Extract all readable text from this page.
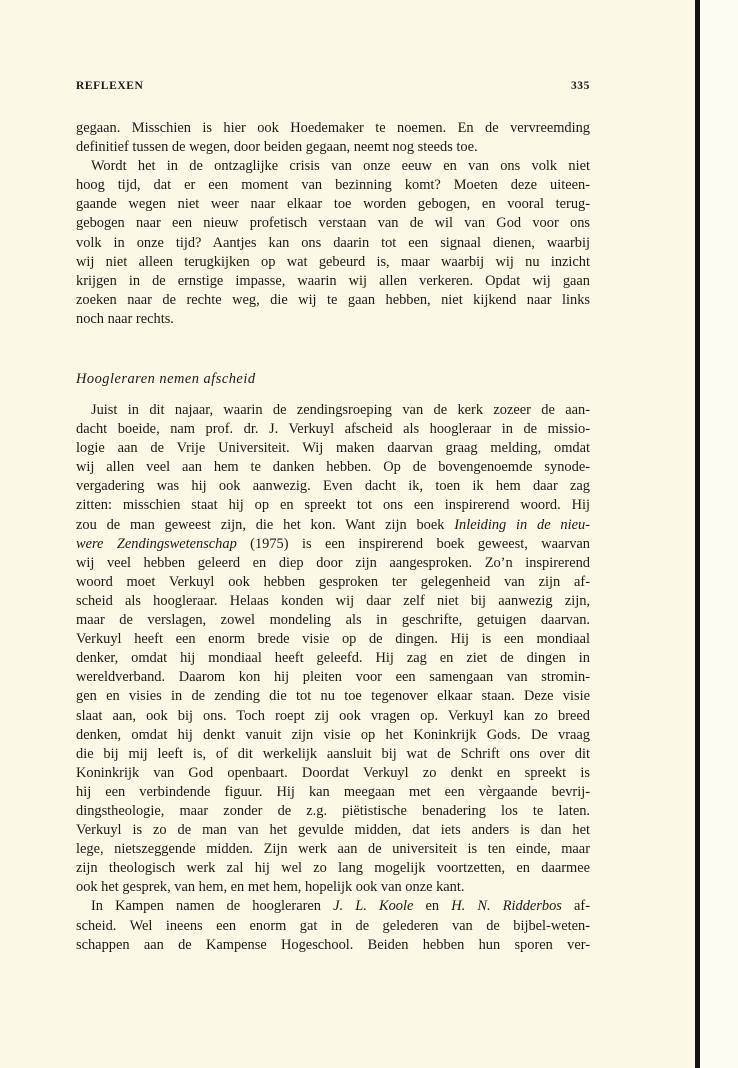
REFLEXEN	335
gegaan. Misschien is hier ook Hoedemaker te noemen. En de vervreemding
definitief tussen de wegen, door beiden gegaan, neemt nog steeds toe.
Wordt het in de ontzaglijke crisis van onze eeuw en van ons volk niet
hoog tijd, dat er een moment van bezinning komt? Moeten deze uiteen-
gaande wegen niet weer naar elkaar toe worden gebogen, en vooral terug-
gebogen naar een nieuw profetisch verstaan van de wil van God voor ons
volk in onze tijd? Aantjes kan ons daarin tot een signaal dienen, waarbij
wij niet alleen terugkijken op wat gebeurd is, maar waarbij wij nu inzicht
krijgen in de ernstige impasse, waarin wij allen verkeren. Opdat wij gaan
zoeken naar de rechte weg, die wij te gaan hebben, niet kijkend naar links
noch naar rechts.
Hoogleraren nemen afscheid
Juist in dit najaar, waarin de zendingsroeping van de kerk zozeer de aan-
dacht boeide, nam prof. dr. J. Verkuyl afscheid als hoogleraar in de missio-
logie aan de Vrije Universiteit. Wij maken daarvan graag melding, omdat
wij allen veel aan hem te danken hebben. Op de bovengenoemde synode-
vergadering was hij ook aanwezig. Even dacht ik, toen ik hem daar zag
zitten: misschien staat hij op en spreekt tot ons een inspirerend woord. Hij
zou de man geweest zijn, die het kon. Want zijn boek Inleiding in de nieu-
were Zendingswetenschap (1975) is een inspirerend boek geweest, waarvan
wij veel hebben geleerd en diep door zijn aangesproken. Zo’n inspirerend
woord moet Verkuyl ook hebben gesproken ter gelegenheid van zijn af-
scheid als hoogleraar. Helaas konden wij daar zelf niet bij aanwezig zijn,
maar de verslagen, zowel mondeling als in geschrifte, getuigen daarvan.
Verkuyl heeft een enorm brede visie op de dingen. Hij is een mondiaal
denker, omdat hij mondiaal heeft geleefd. Hij zag en ziet de dingen in
wereldverband. Daarom kon hij pleiten voor een samengaan van stromin-
gen en visies in de zending die tot nu toe tegenover elkaar staan. Deze visie
slaat aan, ook bij ons. Toch roept zij ook vragen op. Verkuyl kan zo breed
denken, omdat hij denkt vanuit zijn visie op het Koninkrijk Gods. De vraag
die bij mij leeft is, of dit werkelijk aansluit bij wat de Schrift ons over dit
Koninkrijk van God openbaart. Doordat Verkuyl zo denkt en spreekt is
hij een verbindende figuur. Hij kan meegaan met een vèrgaande bevrij-
dingstheologie, maar zonder de z.g. piëtistische benadering los te laten.
Verkuyl is zo de man van het gevulde midden, dat iets anders is dan het
lege, nietszeggende midden. Zijn werk aan de universiteit is ten einde, maar
zijn theologisch werk zal hij wel zo lang mogelijk voortzetten, en daarmee
ook het gesprek, van hem, en met hem, hopelijk ook van onze kant.
In Kampen namen de hoogleraren J. L. Koole en H. N. Ridderbos af-
scheid. Wel ineens een enorm gat in de gelederen van de bijbel-weten-
schappen aan de Kampense Hogeschool. Beiden hebben hun sporen ver-
